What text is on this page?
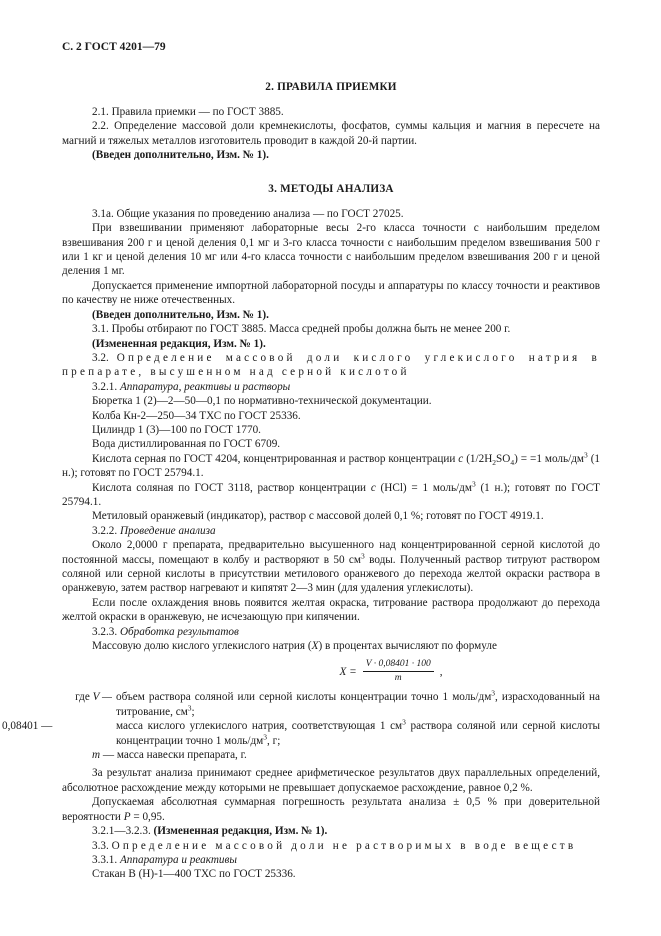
С. 2 ГОСТ 4201—79
2. ПРАВИЛА ПРИЕМКИ

2.1. Правила приемки — по ГОСТ 3885.

2.2. Определение массовой доли кремнекислоты, фосфатов, суммы кальция и магния в пересчете на магний и тяжелых металлов изготовитель проводит в каждой 20-й партии.

(Введен дополнительно, Изм. № 1).

3. МЕТОДЫ АНАЛИЗА

3.1а. Общие указания по проведению анализа — по ГОСТ 27025.

При взвешивании применяют лабораторные весы 2-го класса точности с наибольшим пределом взвешивания 200 г и ценой деления 0,1 мг и 3-го класса точности с наибольшим пределом взвешивания 500 г или 1 кг и ценой деления 10 мг или 4-го класса точности с наибольшим пределом взвешивания 200 г и ценой деления 1 мг.

Допускается применение импортной лабораторной посуды и аппаратуры по классу точности и реактивов по качеству не ниже отечественных.

(Введен дополнительно, Изм. № 1).

3.1. Пробы отбирают по ГОСТ 3885. Масса средней пробы должна быть не менее 200 г.

(Измененная редакция, Изм. № 1).

3.2. Определение массовой доли кислого углекислого натрия в препарате, высушенном над серной кислотой

3.2.1. Аппаратура, реактивы и растворы

Бюретка 1 (2)—2—50—0,1 по нормативно-технической документации.

Колба Кн-2—250—34 ТХС по ГОСТ 25336.

Цилиндр 1 (3)—100 по ГОСТ 1770.

Вода дистиллированная по ГОСТ 6709.

Кислота серная по ГОСТ 4204, концентрированная и раствор концентрации c $(1/2H_2SO_4) = =1$ моль/$дм^3$ (1 н.); готовят по ГОСТ 25794.1.

Кислота соляная по ГОСТ 3118, раствор концентрации c (HCl) = 1 моль/$дм^3$ (1 н.); готовят по ГОСТ 25794.1.

Метиловый оранжевый (индикатор), раствор с массовой долей 0,1 %; готовят по ГОСТ 4919.1.

3.2.2. Проведение анализа

Около 2,0000 г препарата, предварительно высушенного над концентрированной серной кислотой до постоянной массы, помещают в колбу и растворяют в 50 $см^3$ воды. Полученный раствор титруют раствором соляной или серной кислоты в присутствии метилового оранжевого до перехода желтой окраски раствора в оранжевую, затем раствор нагревают и кипятят 2—3 мин (для удаления углекислоты).

Если после охлаждения вновь появится желтая окраска, титрование раствора продолжают до перехода желтой окраски в оранжевую, не исчезающую при кипячении.

3.2.3. Обработка результатов

Массовую долю кислого углекислого натрия (X) в процентах вычисляют по формуле

$X = \frac{V \cdot 0,08401 \cdot 100}{m}$ ,
где V — объем раствора соляной или серной кислоты концентрации точно 1 моль/$дм^3$, израсходованный на титрование, $см^3$;
0,08401 —	масса кислого углекислого натрия, соответствующая 1 $см^3$ раствора соляной или серной кислоты концентрации точно 1 моль/$дм^3$, г;

m — масса навески препарата, г.

За результат анализа принимают среднее арифметическое результатов двух параллельных определений, абсолютное расхождение между которыми не превышает допускаемое расхождение, равное 0,2 %.

Допускаемая абсолютная суммарная погрешность результата анализа ± 0,5 % при доверительной вероятности P = 0,95.

3.2.1—3.2.3. (Измененная редакция, Изм. № 1).

3.3. Определение массовой доли не растворимых в воде веществ

3.3.1. Аппаратура и реактивы

Стакан В (Н)-1—400 ТХС по ГОСТ 25336.
